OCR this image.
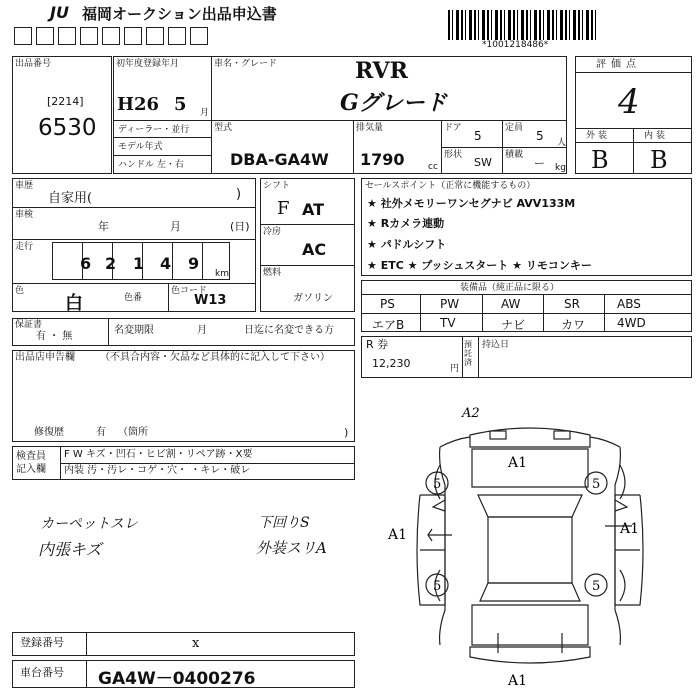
JU 福岡オークション出品申込書
*1001218486*
出品番号
[2214]
6530
初年度登録年月
H 26 5 月
ディーラー・並行
モデル年式
ハンドル 左・右
車名・グレード	RVR
Gグレード
型式
DBA-GA4W
排気量
1790	cc
ドア
5
定員
5 人
形状
SW
積載
ー kg
評価点
4
外装	内装
B B
車歴
自家用(	)
車検
年	月	(日)
走行
6 2 1 4 9
km
色
白	色番
色コード
W13
シフト
F AT
冷房
AC
燃料
ガソリン
セールスポイント（正常に機能するもの）
★ 社外メモリーワンセグナビ AVV133M
★ Rカメラ連動
★ パドルシフト
★ ETC ★ プッシュスタート ★ リモコンキー
装備品（純正品に限る）
PS	PW	AW	SR	ABS
エアB	TV	ナビ	カワ	4WD
R 券
12,230	円
預託済
持込日
保証書
有 ・ 無
名変期限	月	日迄に名変できる方
出品店申告欄	（不具合内容・欠品など具体的に記入して下さい）
修復歴	有 （箇所	)
検査員
記入欄
F W キズ・凹石・ヒビ割・リペア跡・X要
内装 汚・汚レ・コゲ・穴・ ・キレ・破レ
カーペットスレ
内張キズ
下回りS
外装スリA
A2
A1
A1	A1
A1
5	5
5	5
登録番号	x
車台番号 GA4W－0400276
